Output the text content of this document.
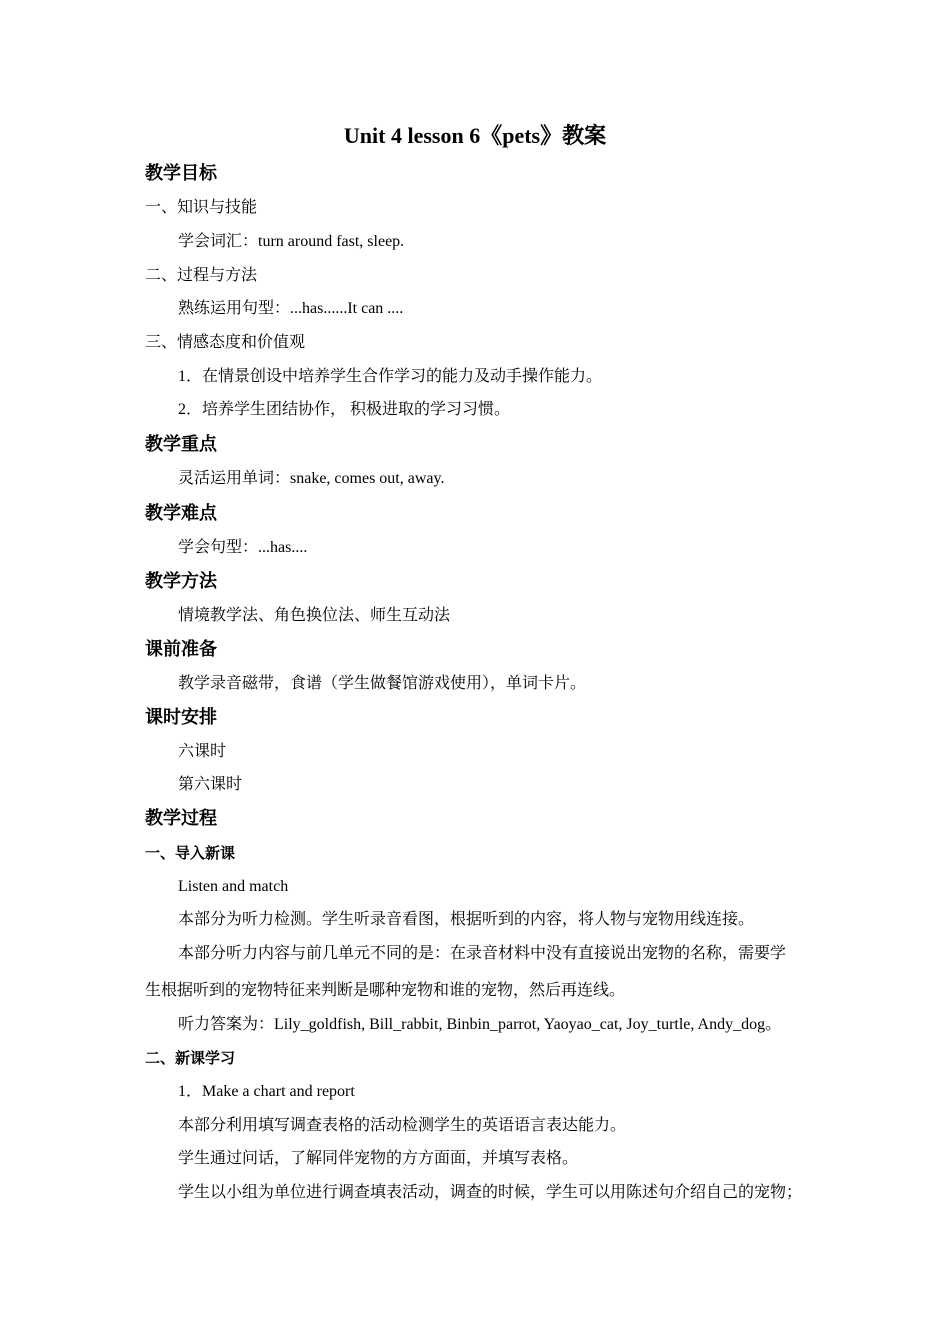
Unit 4 lesson 6《pets》教案
教学目标
一、知识与技能
学会词汇：turn around fast, sleep.
二、过程与方法
熟练运用句型：...has......It can ....
三、情感态度和价值观
1．在情景创设中培养学生合作学习的能力及动手操作能力。
2．培养学生团结协作， 积极进取的学习习惯。
教学重点
灵活运用单词：snake, comes out, away.
教学难点
学会句型：...has....
教学方法
情境教学法、角色换位法、师生互动法
课前准备
教学录音磁带，食谱（学生做餐馆游戏使用），单词卡片。
课时安排
六课时
第六课时
教学过程
一、导入新课
Listen and match
本部分为听力检测。学生听录音看图，根据听到的内容，将人物与宠物用线连接。
本部分听力内容与前几单元不同的是：在录音材料中没有直接说出宠物的名称，需要学
生根据听到的宠物特征来判断是哪种宠物和谁的宠物，然后再连线。
听力答案为：Lily_goldfish, Bill_rabbit, Binbin_parrot, Yaoyao_cat, Joy_turtle, Andy_dog。
二、新课学习
1．Make a chart and report
本部分利用填写调查表格的活动检测学生的英语语言表达能力。
学生通过问话，了解同伴宠物的方方面面，并填写表格。
学生以小组为单位进行调查填表活动，调查的时候，学生可以用陈述句介绍自己的宠物；
